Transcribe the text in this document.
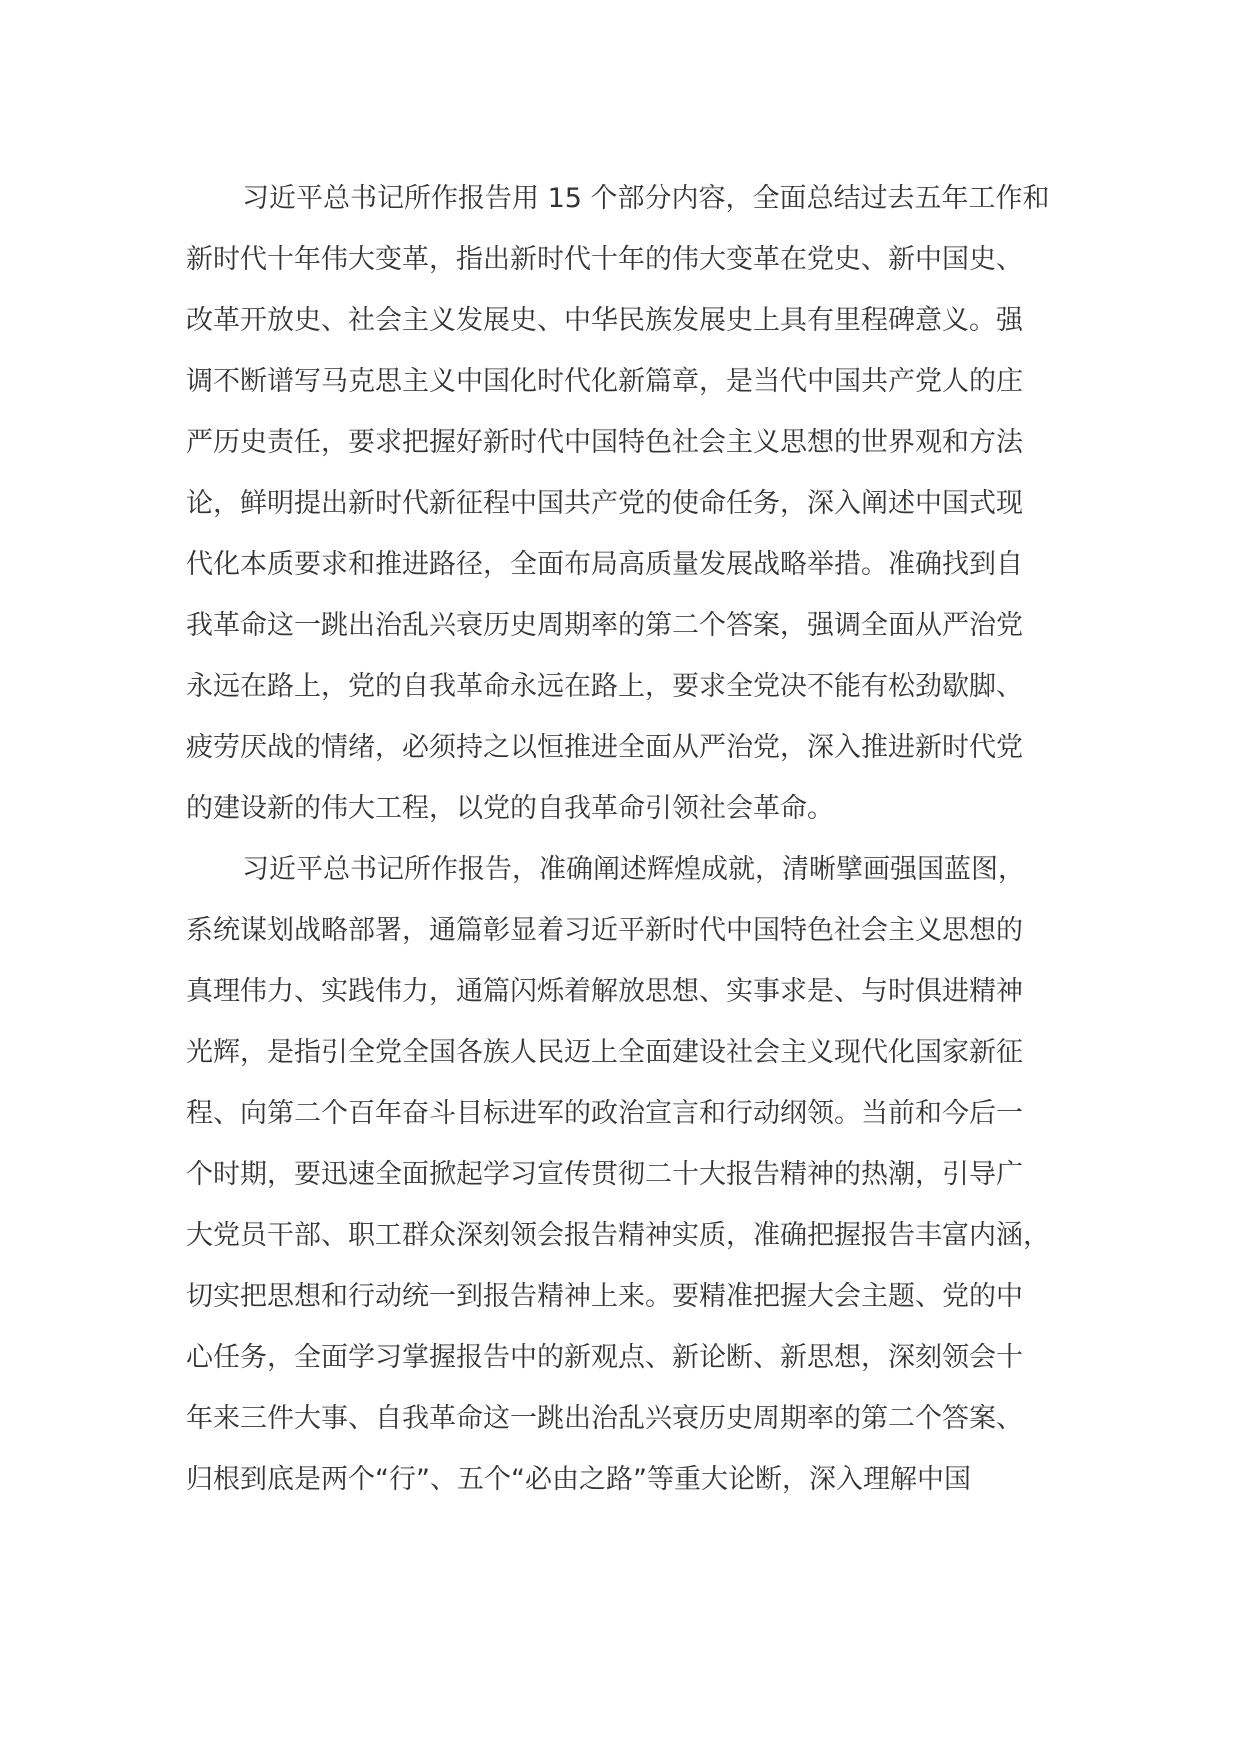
习近平总书记所作报告用 15 个部分内容，全面总结过去五年工作和
新时代十年伟大变革，指出新时代十年的伟大变革在党史、新中国史、
改革开放史、社会主义发展史、中华民族发展史上具有里程碑意义。强
调不断谱写马克思主义中国化时代化新篇章，是当代中国共产党人的庄
严历史责任，要求把握好新时代中国特色社会主义思想的世界观和方法
论，鲜明提出新时代新征程中国共产党的使命任务，深入阐述中国式现
代化本质要求和推进路径，全面布局高质量发展战略举措。准确找到自
我革命这一跳出治乱兴衰历史周期率的第二个答案，强调全面从严治党
永远在路上，党的自我革命永远在路上，要求全党决不能有松劲歇脚、
疲劳厌战的情绪，必须持之以恒推进全面从严治党，深入推进新时代党
的建设新的伟大工程，以党的自我革命引领社会革命。
习近平总书记所作报告，准确阐述辉煌成就，清晰擘画强国蓝图，
系统谋划战略部署，通篇彰显着习近平新时代中国特色社会主义思想的
真理伟力、实践伟力，通篇闪烁着解放思想、实事求是、与时俱进精神
光辉，是指引全党全国各族人民迈上全面建设社会主义现代化国家新征
程、向第二个百年奋斗目标进军的政治宣言和行动纲领。当前和今后一
个时期，要迅速全面掀起学习宣传贯彻二十大报告精神的热潮，引导广
大党员干部、职工群众深刻领会报告精神实质，准确把握报告丰富内涵，
切实把思想和行动统一到报告精神上来。要精准把握大会主题、党的中
心任务，全面学习掌握报告中的新观点、新论断、新思想，深刻领会十
年来三件大事、自我革命这一跳出治乱兴衰历史周期率的第二个答案、
归根到底是两个“行”、五个“必由之路”等重大论断，深入理解中国
